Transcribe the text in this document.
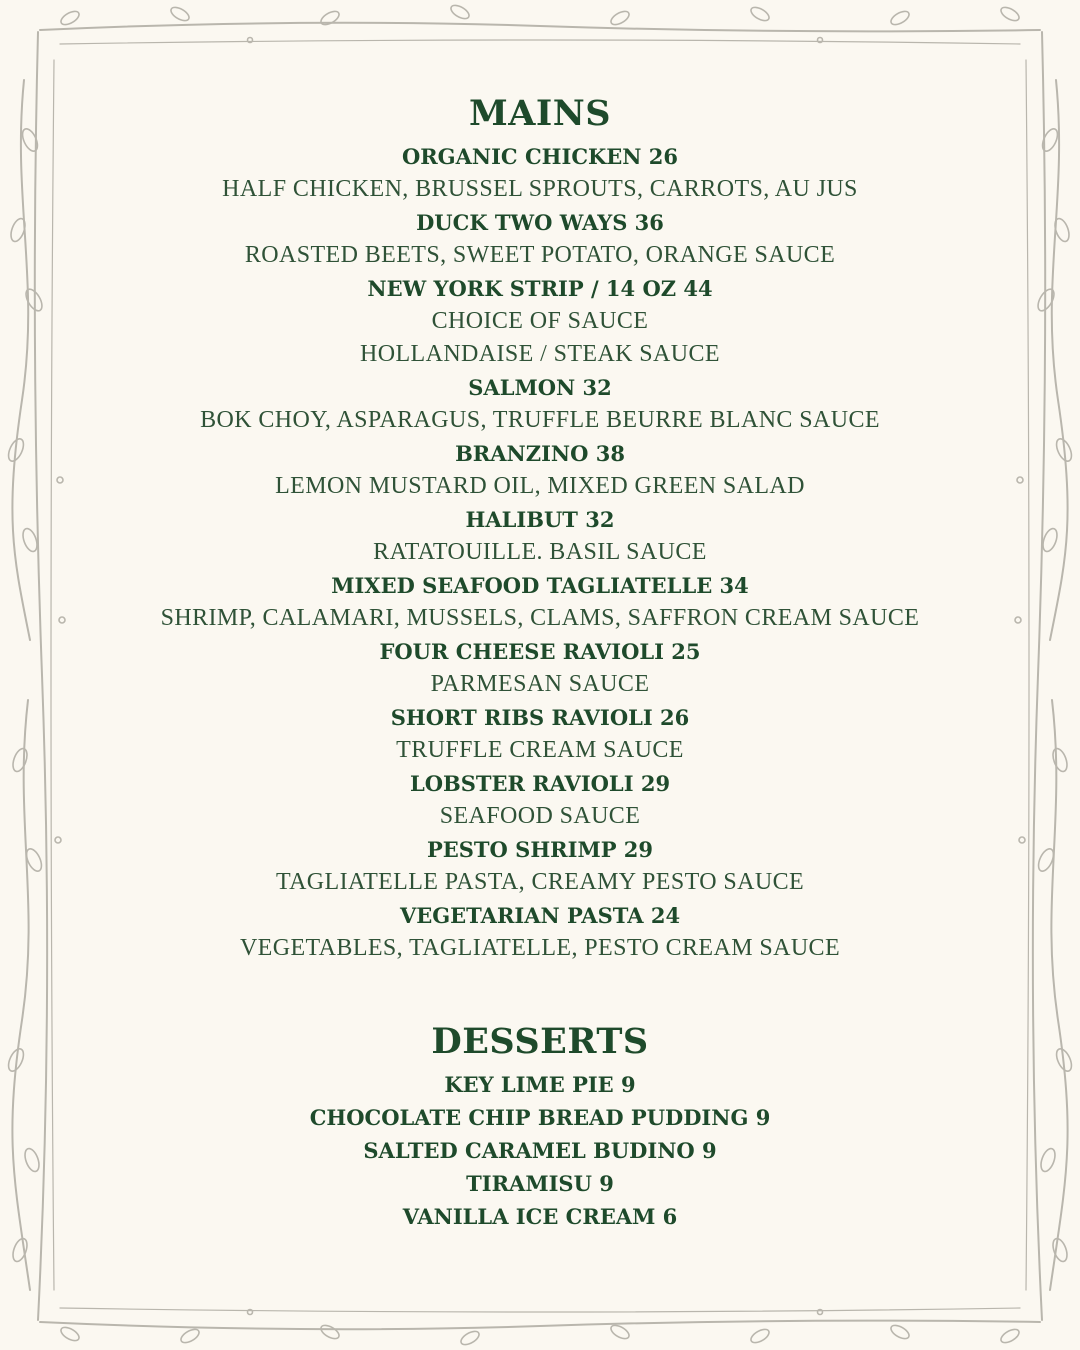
MAINS
ORGANIC CHICKEN 26
HALF CHICKEN, BRUSSEL SPROUTS, CARROTS, AU JUS
DUCK TWO WAYS 36
ROASTED BEETS, SWEET POTATO, ORANGE SAUCE
NEW YORK STRIP / 14 OZ 44
CHOICE OF SAUCE
HOLLANDAISE / STEAK SAUCE
SALMON 32
BOK CHOY, ASPARAGUS, TRUFFLE BEURRE BLANC SAUCE
BRANZINO 38
LEMON MUSTARD OIL, MIXED GREEN SALAD
HALIBUT 32
RATATOUILLE. BASIL SAUCE
MIXED SEAFOOD TAGLIATELLE 34
SHRIMP, CALAMARI, MUSSELS, CLAMS, SAFFRON CREAM SAUCE
FOUR CHEESE RAVIOLI 25
PARMESAN SAUCE
SHORT RIBS RAVIOLI 26
TRUFFLE CREAM SAUCE
LOBSTER RAVIOLI 29
SEAFOOD SAUCE
PESTO SHRIMP 29
TAGLIATELLE PASTA, CREAMY PESTO SAUCE
VEGETARIAN PASTA 24
VEGETABLES, TAGLIATELLE, PESTO CREAM SAUCE
DESSERTS
KEY LIME PIE 9
CHOCOLATE CHIP BREAD PUDDING 9
SALTED CARAMEL BUDINO 9
TIRAMISU 9
VANILLA ICE CREAM 6
